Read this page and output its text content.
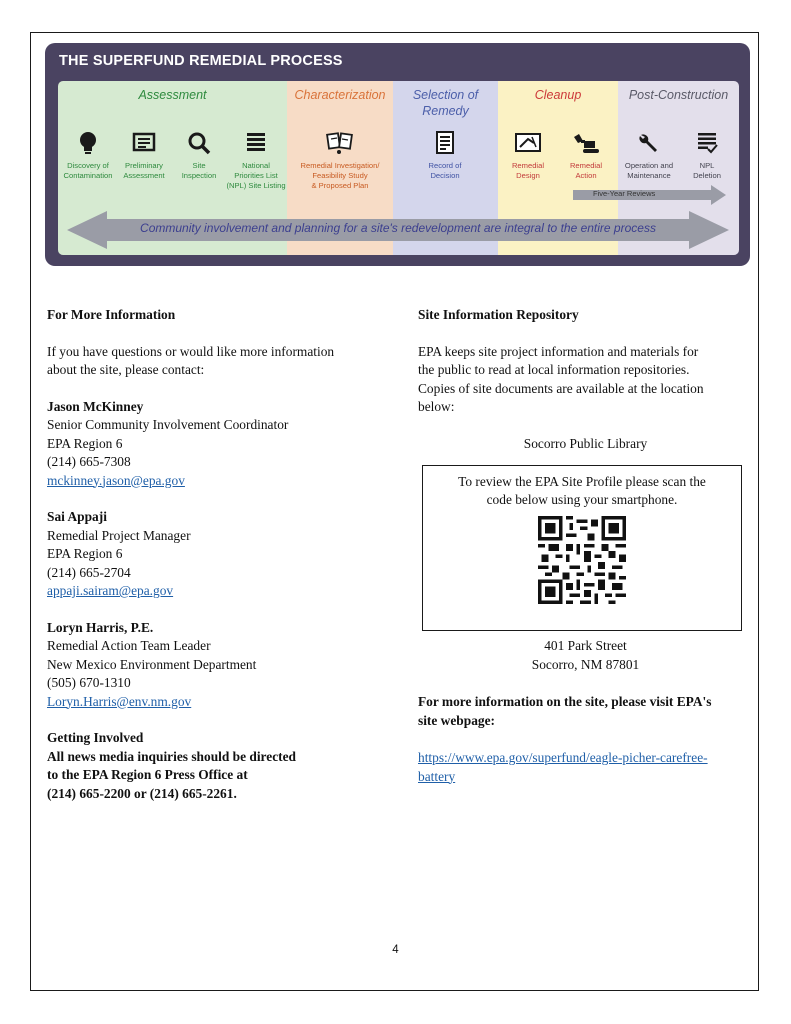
THE SUPERFUND REMEDIAL PROCESS
Assessment
Discovery of
Contamination
Preliminary
Assessment
Site
Inspection
National
Priorities List
(NPL) Site Listing
Characterization
Remedial Investigation/
Feasibility Study
& Proposed Plan
Selection of
Remedy
Record of
Decision
Cleanup
Remedial
Design
Remedial
Action
Post-Construction
Operation and
Maintenance
NPL
Deletion
Five-Year Reviews
Community involvement and planning for a site's redevelopment are integral to the entire process

For More Information

If you have questions or would like more information

about the site, please contact:

Jason McKinney

Senior Community Involvement Coordinator

EPA Region 6

(214) 665-7308

mckinney.jason@epa.gov

Sai Appaji

Remedial Project Manager

EPA Region 6

(214) 665-2704

appaji.sairam@epa.gov

Loryn Harris, P.E.

Remedial Action Team Leader

New Mexico Environment Department

(505) 670-1310

Loryn.Harris@env.nm.gov

Getting Involved

All news media inquiries should be directed

to the EPA Region 6 Press Office at

(214) 665-2200 or (214) 665-2261.

Site Information Repository

EPA keeps site project information and materials for

the public to read at local information repositories.

Copies of site documents are available at the location

below:

Socorro Public Library

To review the EPA Site Profile please scan the
code below using your smartphone.

401 Park Street

Socorro, NM 87801

For more information on the site, please visit EPA's

site webpage:

https://www.epa.gov/superfund/eagle-picher-carefree-

battery

4
